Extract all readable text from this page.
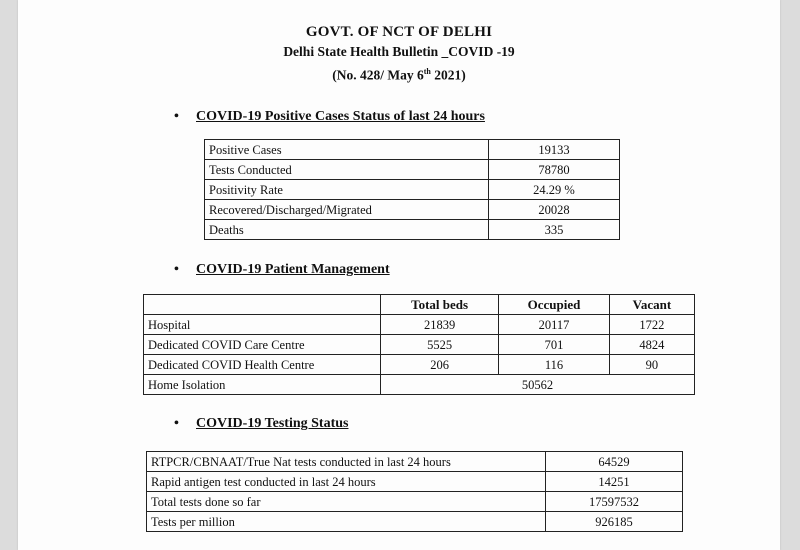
GOVT. OF NCT OF DELHI
Delhi State Health Bulletin _COVID -19
(No. 428/ May 6th 2021)
• COVID-19 Positive Cases Status of last 24 hours
Positive Cases	19133
Tests Conducted	78780
Positivity Rate	24.29 %
Recovered/Discharged/Migrated	20028
Deaths	335
• COVID-19 Patient Management
	Total beds	Occupied	Vacant
Hospital	21839	20117	1722
Dedicated COVID Care Centre	5525	701	4824
Dedicated COVID Health Centre	206	116	90
Home Isolation	50562		
• COVID-19 Testing Status
RTPCR/CBNAAT/True Nat tests conducted in last 24 hours	64529
Rapid antigen test conducted in last 24 hours	14251
Total tests done so far	17597532
Tests per million	926185
